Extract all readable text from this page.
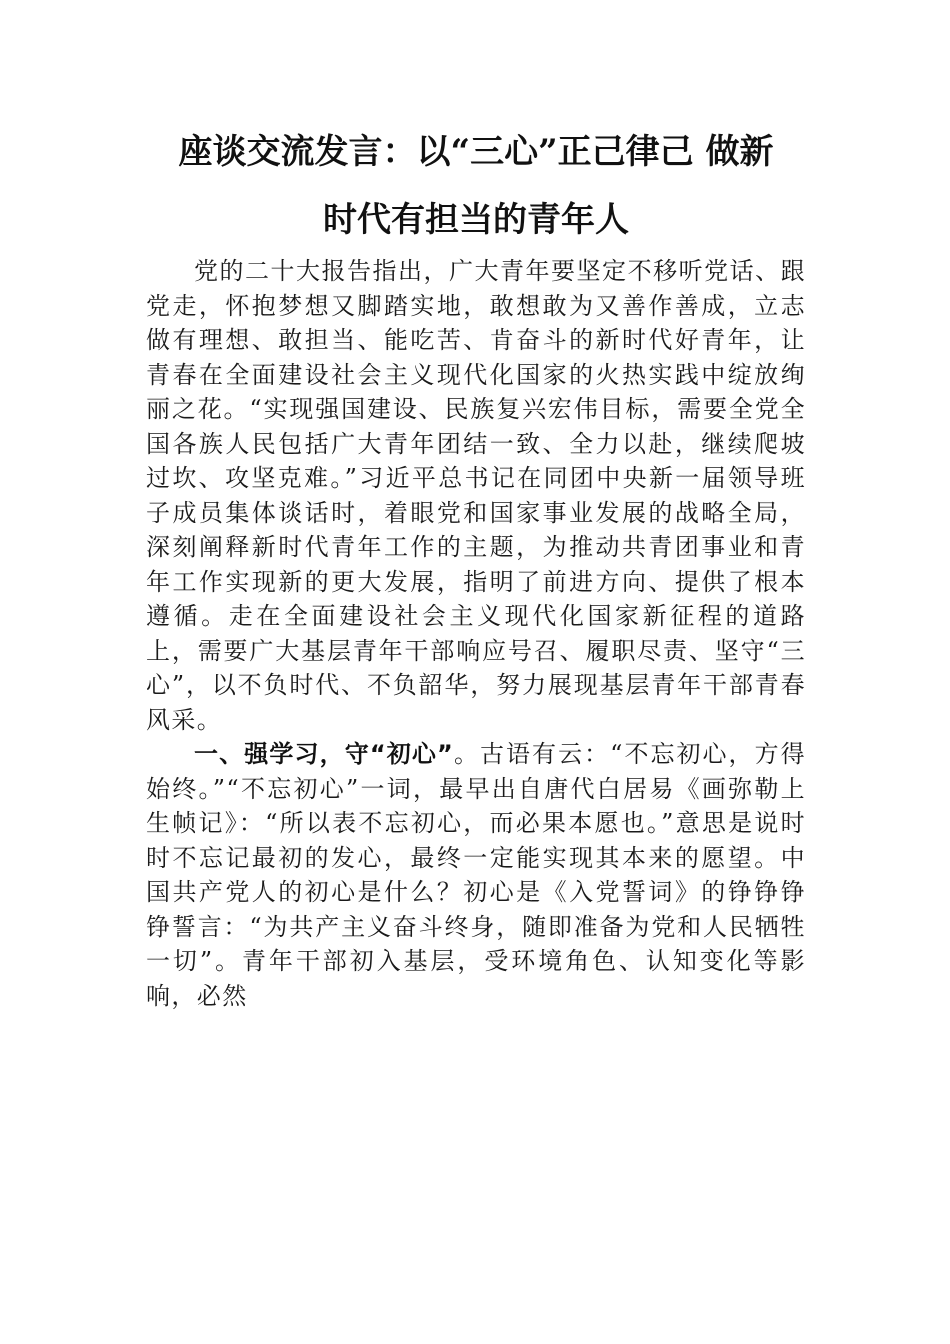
座谈交流发言：以“三心”正己律己 做新
时代有担当的青年人

党的二十大报告指出，广大青年要坚定不移听党话、跟党走，怀抱梦想又脚踏实地，敢想敢为又善作善成，立志做有理想、敢担当、能吃苦、肯奋斗的新时代好青年，让青春在全面建设社会主义现代化国家的火热实践中绽放绚丽之花。“实现强国建设、民族复兴宏伟目标，需要全党全国各族人民包括广大青年团结一致、全力以赴，继续爬坡过坎、攻坚克难。”习近平总书记在同团中央新一届领导班子成员集体谈话时，着眼党和国家事业发展的战略全局，深刻阐释新时代青年工作的主题，为推动共青团事业和青年工作实现新的更大发展，指明了前进方向、提供了根本遵循。走在全面建设社会主义现代化国家新征程的道路上，需要广大基层青年干部响应号召、履职尽责、坚守“三心”，以不负时代、不负韶华，努力展现基层青年干部青春风采。

一、强学习，守“初心”。古语有云：“不忘初心，方得始终。”“不忘初心”一词，最早出自唐代白居易《画弥勒上生帧记》：“所以表不忘初心，而必果本愿也。”意思是说时时不忘记最初的发心，最终一定能实现其本来的愿望。中国共产党人的初心是什么？初心是《入党誓词》的铮铮铮铮誓言：“为共产主义奋斗终身，随即准备为党和人民牺牲一切”。青年干部初入基层，受环境角色、认知变化等影响，必然
